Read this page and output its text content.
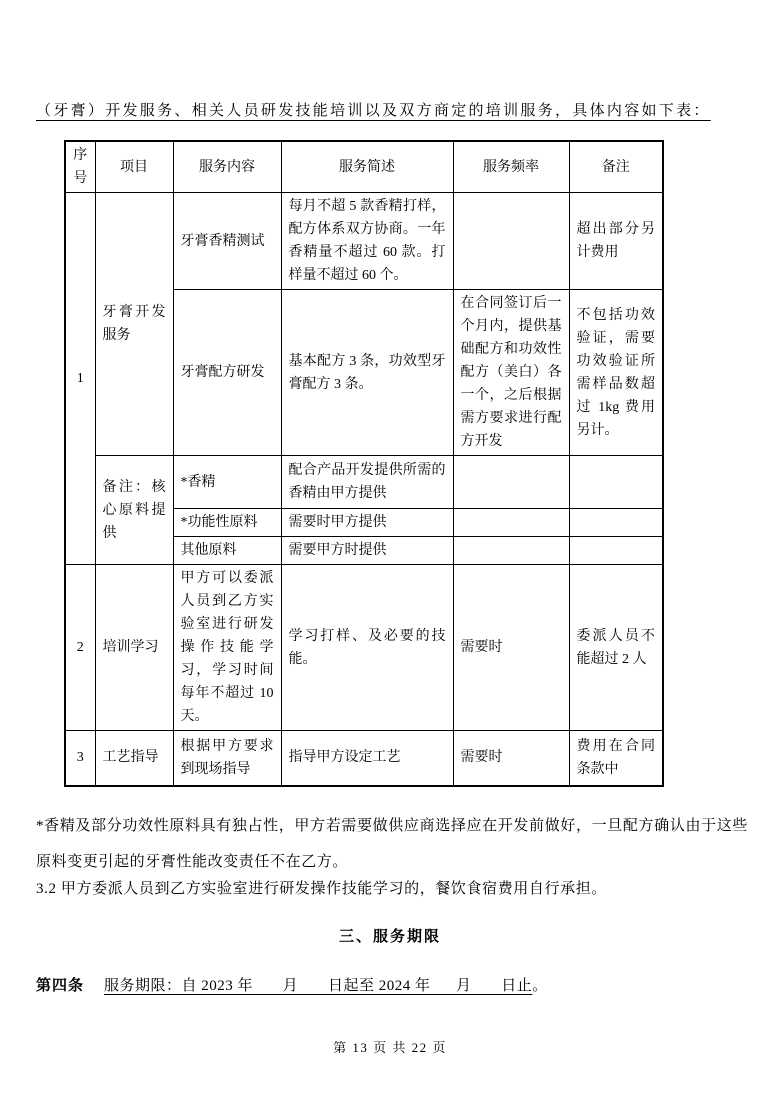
（牙膏）开发服务、相关人员研发技能培训以及双方商定的培训服务，具体内容如下表：

序号	项目	服务内容	服务简述	服务频率	备注
1	牙膏开发服务	牙膏香精测试	每月不超 5 款香精打样，配方体系双方协商。一年香精量不超过 60 款。打样量不超过 60 个。		超出部分另计费用
		牙膏配方研发	基本配方 3 条，功效型牙膏配方 3 条。	在合同签订后一个月内，提供基础配方和功效性配方（美白）各一个，之后根据需方要求进行配方开发	不包括功效验证，需要功效验证所需样品数超过 1kg 费用另计。
	备注：核心原料提供	*香精	配合产品开发提供所需的香精由甲方提供		
		*功能性原料	需要时甲方提供		
		其他原料	需要甲方时提供		
2	培训学习	甲方可以委派人员到乙方实验室进行研发操作技能学习，学习时间每年不超过 10 天。	学习打样、及必要的技能。	需要时	委派人员不能超过 2 人
3	工艺指导	根据甲方要求到现场指导	指导甲方设定工艺	需要时	费用在合同条款中

*香精及部分功效性原料具有独占性，甲方若需要做供应商选择应在开发前做好，一旦配方确认由于这些原料变更引起的牙膏性能改变责任不在乙方。

3.2 甲方委派人员到乙方实验室进行研发操作技能学习的，餐饮食宿费用自行承担。

三、服务期限

第四条 服务期限：自 2023 年       月       日起至 2024 年      月       日止。

第 13 页 共 22 页
